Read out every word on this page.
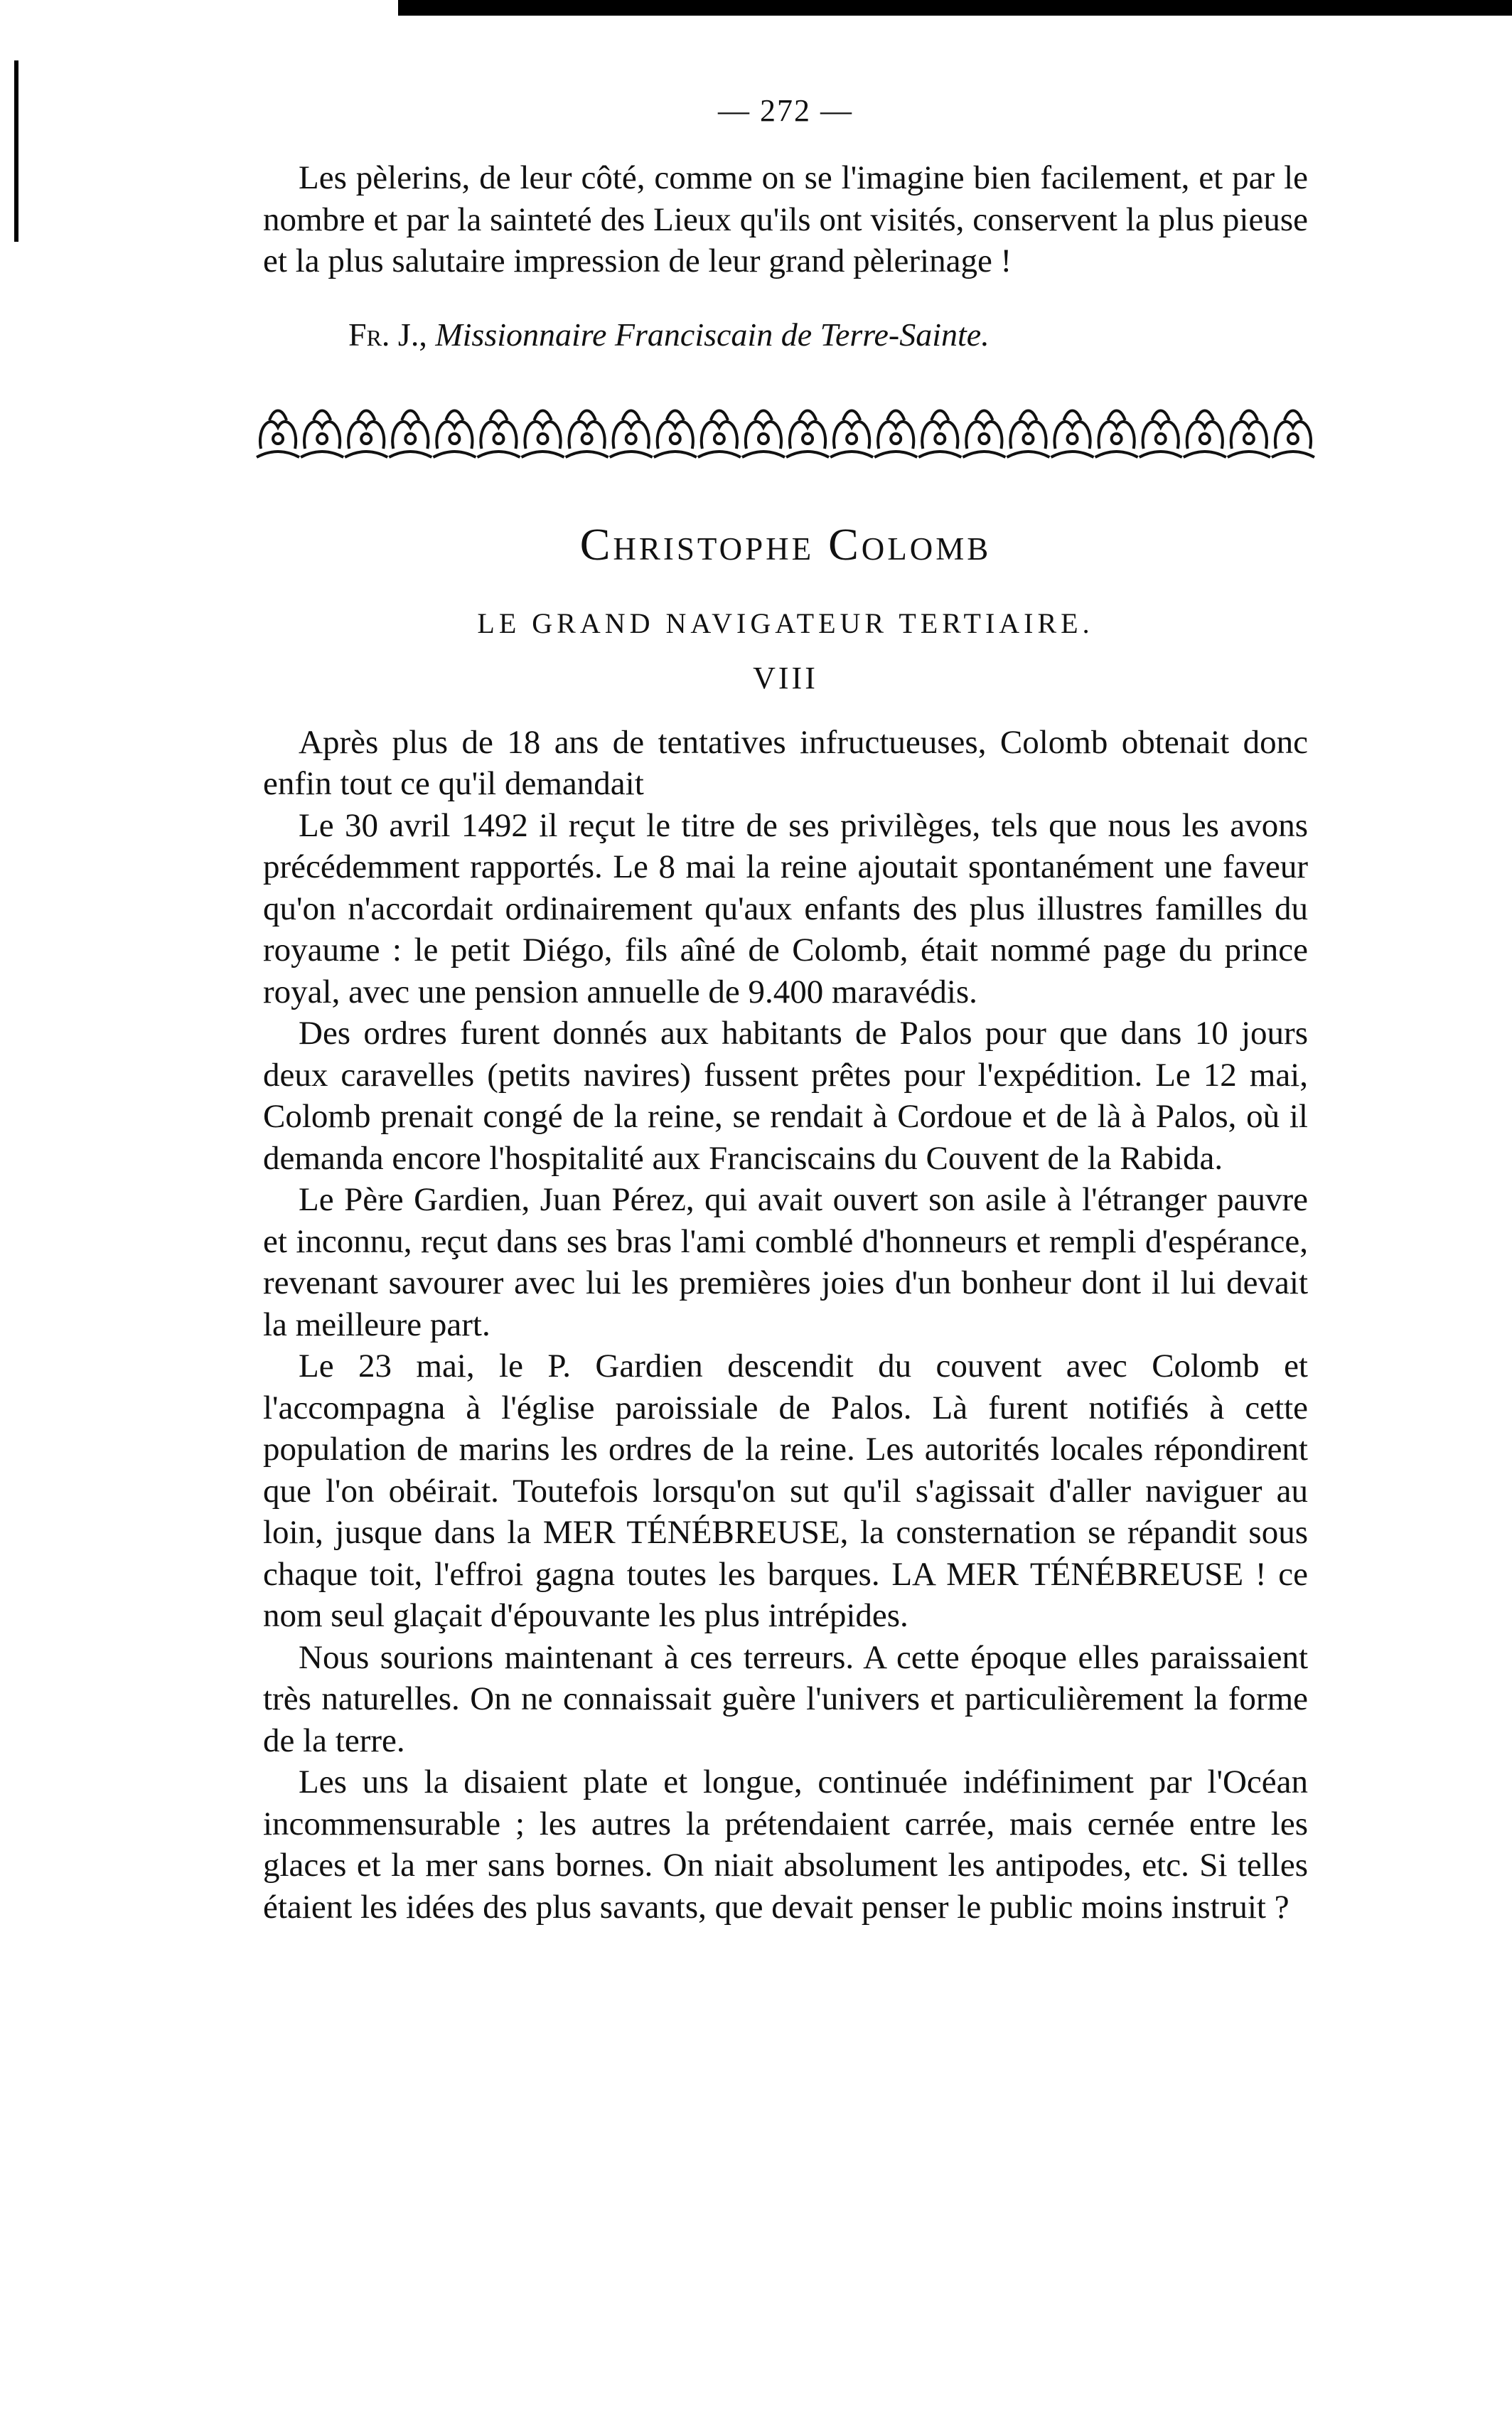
— 272 —

Les pèlerins, de leur côté, comme on se l'imagine bien facilement, et par le nombre et par la sainteté des Lieux qu'ils ont visités, conservent la plus pieuse et la plus salutaire impression de leur grand pèlerinage !

Fr. J., Missionnaire Franciscain de Terre-Sainte.
Christophe Colomb
LE GRAND NAVIGATEUR TERTIAIRE.
VIII

Après plus de 18 ans de tentatives infructueuses, Colomb obtenait donc enfin tout ce qu'il demandait

Le 30 avril 1492 il reçut le titre de ses privilèges, tels que nous les avons précédemment rapportés. Le 8 mai la reine ajoutait spontanément une faveur qu'on n'accordait ordinairement qu'aux enfants des plus illustres familles du royaume : le petit Diégo, fils aîné de Colomb, était nommé page du prince royal, avec une pension annuelle de 9.400 maravédis.

Des ordres furent donnés aux habitants de Palos pour que dans 10 jours deux caravelles (petits navires) fussent prêtes pour l'expédition. Le 12 mai, Colomb prenait congé de la reine, se rendait à Cordoue et de là à Palos, où il demanda encore l'hospitalité aux Franciscains du Couvent de la Rabida.

Le Père Gardien, Juan Pérez, qui avait ouvert son asile à l'étranger pauvre et inconnu, reçut dans ses bras l'ami comblé d'honneurs et rempli d'espérance, revenant savourer avec lui les premières joies d'un bonheur dont il lui devait la meilleure part.

Le 23 mai, le P. Gardien descendit du couvent avec Colomb et l'accompagna à l'église paroissiale de Palos. Là furent notifiés à cette population de marins les ordres de la reine. Les autorités locales répondirent que l'on obéirait. Toutefois lorsqu'on sut qu'il s'agissait d'aller naviguer au loin, jusque dans la MER TÉNÉBREUSE, la consternation se répandit sous chaque toit, l'effroi gagna toutes les barques. LA MER TÉNÉBREUSE ! ce nom seul glaçait d'épouvante les plus intrépides.

Nous sourions maintenant à ces terreurs. A cette époque elles paraissaient très naturelles. On ne connaissait guère l'univers et particulièrement la forme de la terre.

Les uns la disaient plate et longue, continuée indéfiniment par l'Océan incommensurable ; les autres la prétendaient carrée, mais cernée entre les glaces et la mer sans bornes. On niait absolument les antipodes, etc. Si telles étaient les idées des plus savants, que devait penser le public moins instruit ?
